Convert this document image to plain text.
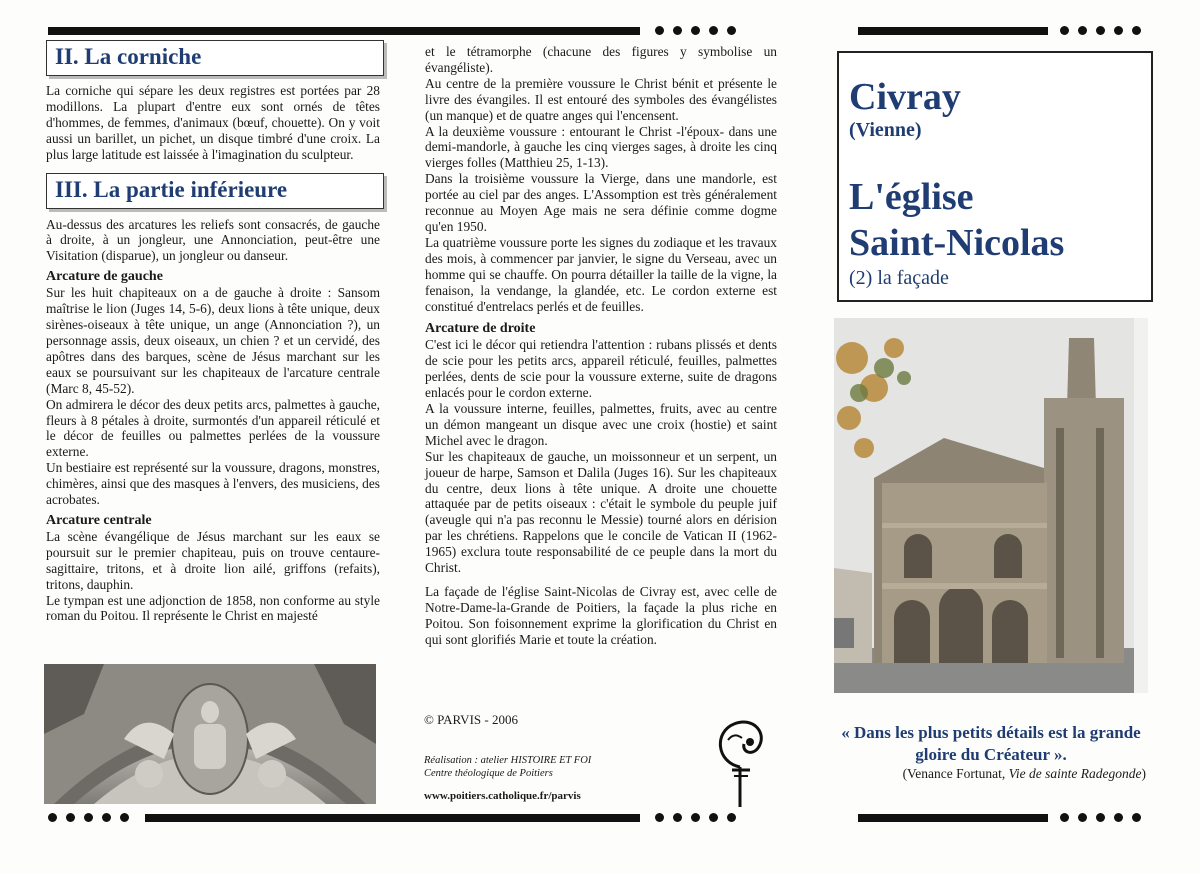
II. La corniche

La corniche qui sépare les deux registres est portées par 28 modillons. La plupart d'entre eux sont ornés de têtes d'hommes, de femmes, d'animaux (bœuf, chouette). On y voit aussi un barillet, un pichet, un disque timbré d'une croix. La plus large latitude est laissée à l'imagination du sculpteur.

III. La partie inférieure

Au-dessus des arcatures les reliefs sont consacrés, de gauche à droite, à un jongleur, une Annonciation, peut-être une Visitation (disparue), un jongleur ou danseur.

Arcature de gauche

Sur les huit chapiteaux on a de gauche à droite : Sansom maîtrise le lion (Juges 14, 5-6), deux lions à tête unique, deux sirènes-oiseaux à tête unique, un ange (Annonciation ?), un personnage assis, deux oiseaux, un chien ? et un cervidé, des apôtres dans des barques, scène de Jésus marchant sur les eaux se poursuivant sur les chapiteaux de l'arcature centrale (Marc 8, 45-52).

On admirera le décor des deux petits arcs, palmettes à gauche, fleurs à 8 pétales à droite, surmontés d'un appareil réticulé et le décor de feuilles ou palmettes perlées de la voussure externe.

Un bestiaire est représenté sur la voussure, dragons, monstres, chimères, ainsi que des masques à l'envers, des musiciens, des acrobates.

Arcature centrale

La scène évangélique de Jésus marchant sur les eaux se poursuit sur le premier chapiteau, puis on trouve centaure-sagittaire, tritons, et à droite lion ailé, griffons (refaits), tritons, dauphin.

Le tympan est une adjonction de 1858, non conforme au style roman du Poitou. Il représente le Christ en majesté

et le tétramorphe (chacune des figures y symbolise un évangéliste).

Au centre de la première voussure le Christ bénit et présente le livre des évangiles. Il est entouré des symboles des évangélistes (un manque) et de quatre anges qui l'encensent.

A la deuxième voussure : entourant le Christ -l'époux- dans une demi-mandorle, à gauche les cinq vierges sages, à droite les cinq vierges folles (Matthieu 25, 1-13).

Dans la troisième voussure la Vierge, dans une mandorle, est portée au ciel par des anges. L'Assomption est très généralement reconnue au Moyen Age mais ne sera définie comme dogme qu'en 1950.

La quatrième voussure porte les signes du zodiaque et les travaux des mois, à commencer par janvier, le signe du Verseau, avec un homme qui se chauffe. On pourra détailler la taille de la vigne, la fenaison, la vendange, la glandée, etc. Le cordon externe est constitué d'entrelacs perlés et de feuilles.

Arcature de droite

C'est ici le décor qui retiendra l'attention : rubans plissés et dents de scie pour les petits arcs, appareil réticulé, feuilles, palmettes perlées, dents de scie pour la voussure externe, suite de dragons enlacés pour le cordon externe.

A la voussure interne, feuilles, palmettes, fruits, avec au centre un démon mangeant un disque avec une croix (hostie) et saint Michel avec le dragon.

Sur les chapiteaux de gauche, un moissonneur et un serpent, un joueur de harpe, Samson et Dalila (Juges 16). Sur les chapiteaux du centre, deux lions à tête unique. A droite une chouette attaquée par de petits oiseaux : c'était le symbole du peuple juif (aveugle qui n'a pas reconnu le Messie) tourné alors en dérision par les chrétiens. Rappelons que le concile de Vatican II (1962-1965) exclura toute responsabilité de ce peuple dans la mort du Christ.

La façade de l'église Saint-Nicolas de Civray est, avec celle de Notre-Dame-la-Grande de Poitiers, la façade la plus riche en Poitou. Son foisonnement exprime la glorification du Christ en qui sont glorifiés Marie et toute la création.

© PARVIS - 2006
Réalisation : atelier HISTOIRE ET FOI
Centre théologique de Poitiers
www.poitiers.catholique.fr/parvis
Civray
(Vienne)
L'église
Saint-Nicolas
(2) la façade
« Dans les plus petits détails est la grande gloire du Créateur ».
(Venance Fortunat, Vie de sainte Radegonde)
